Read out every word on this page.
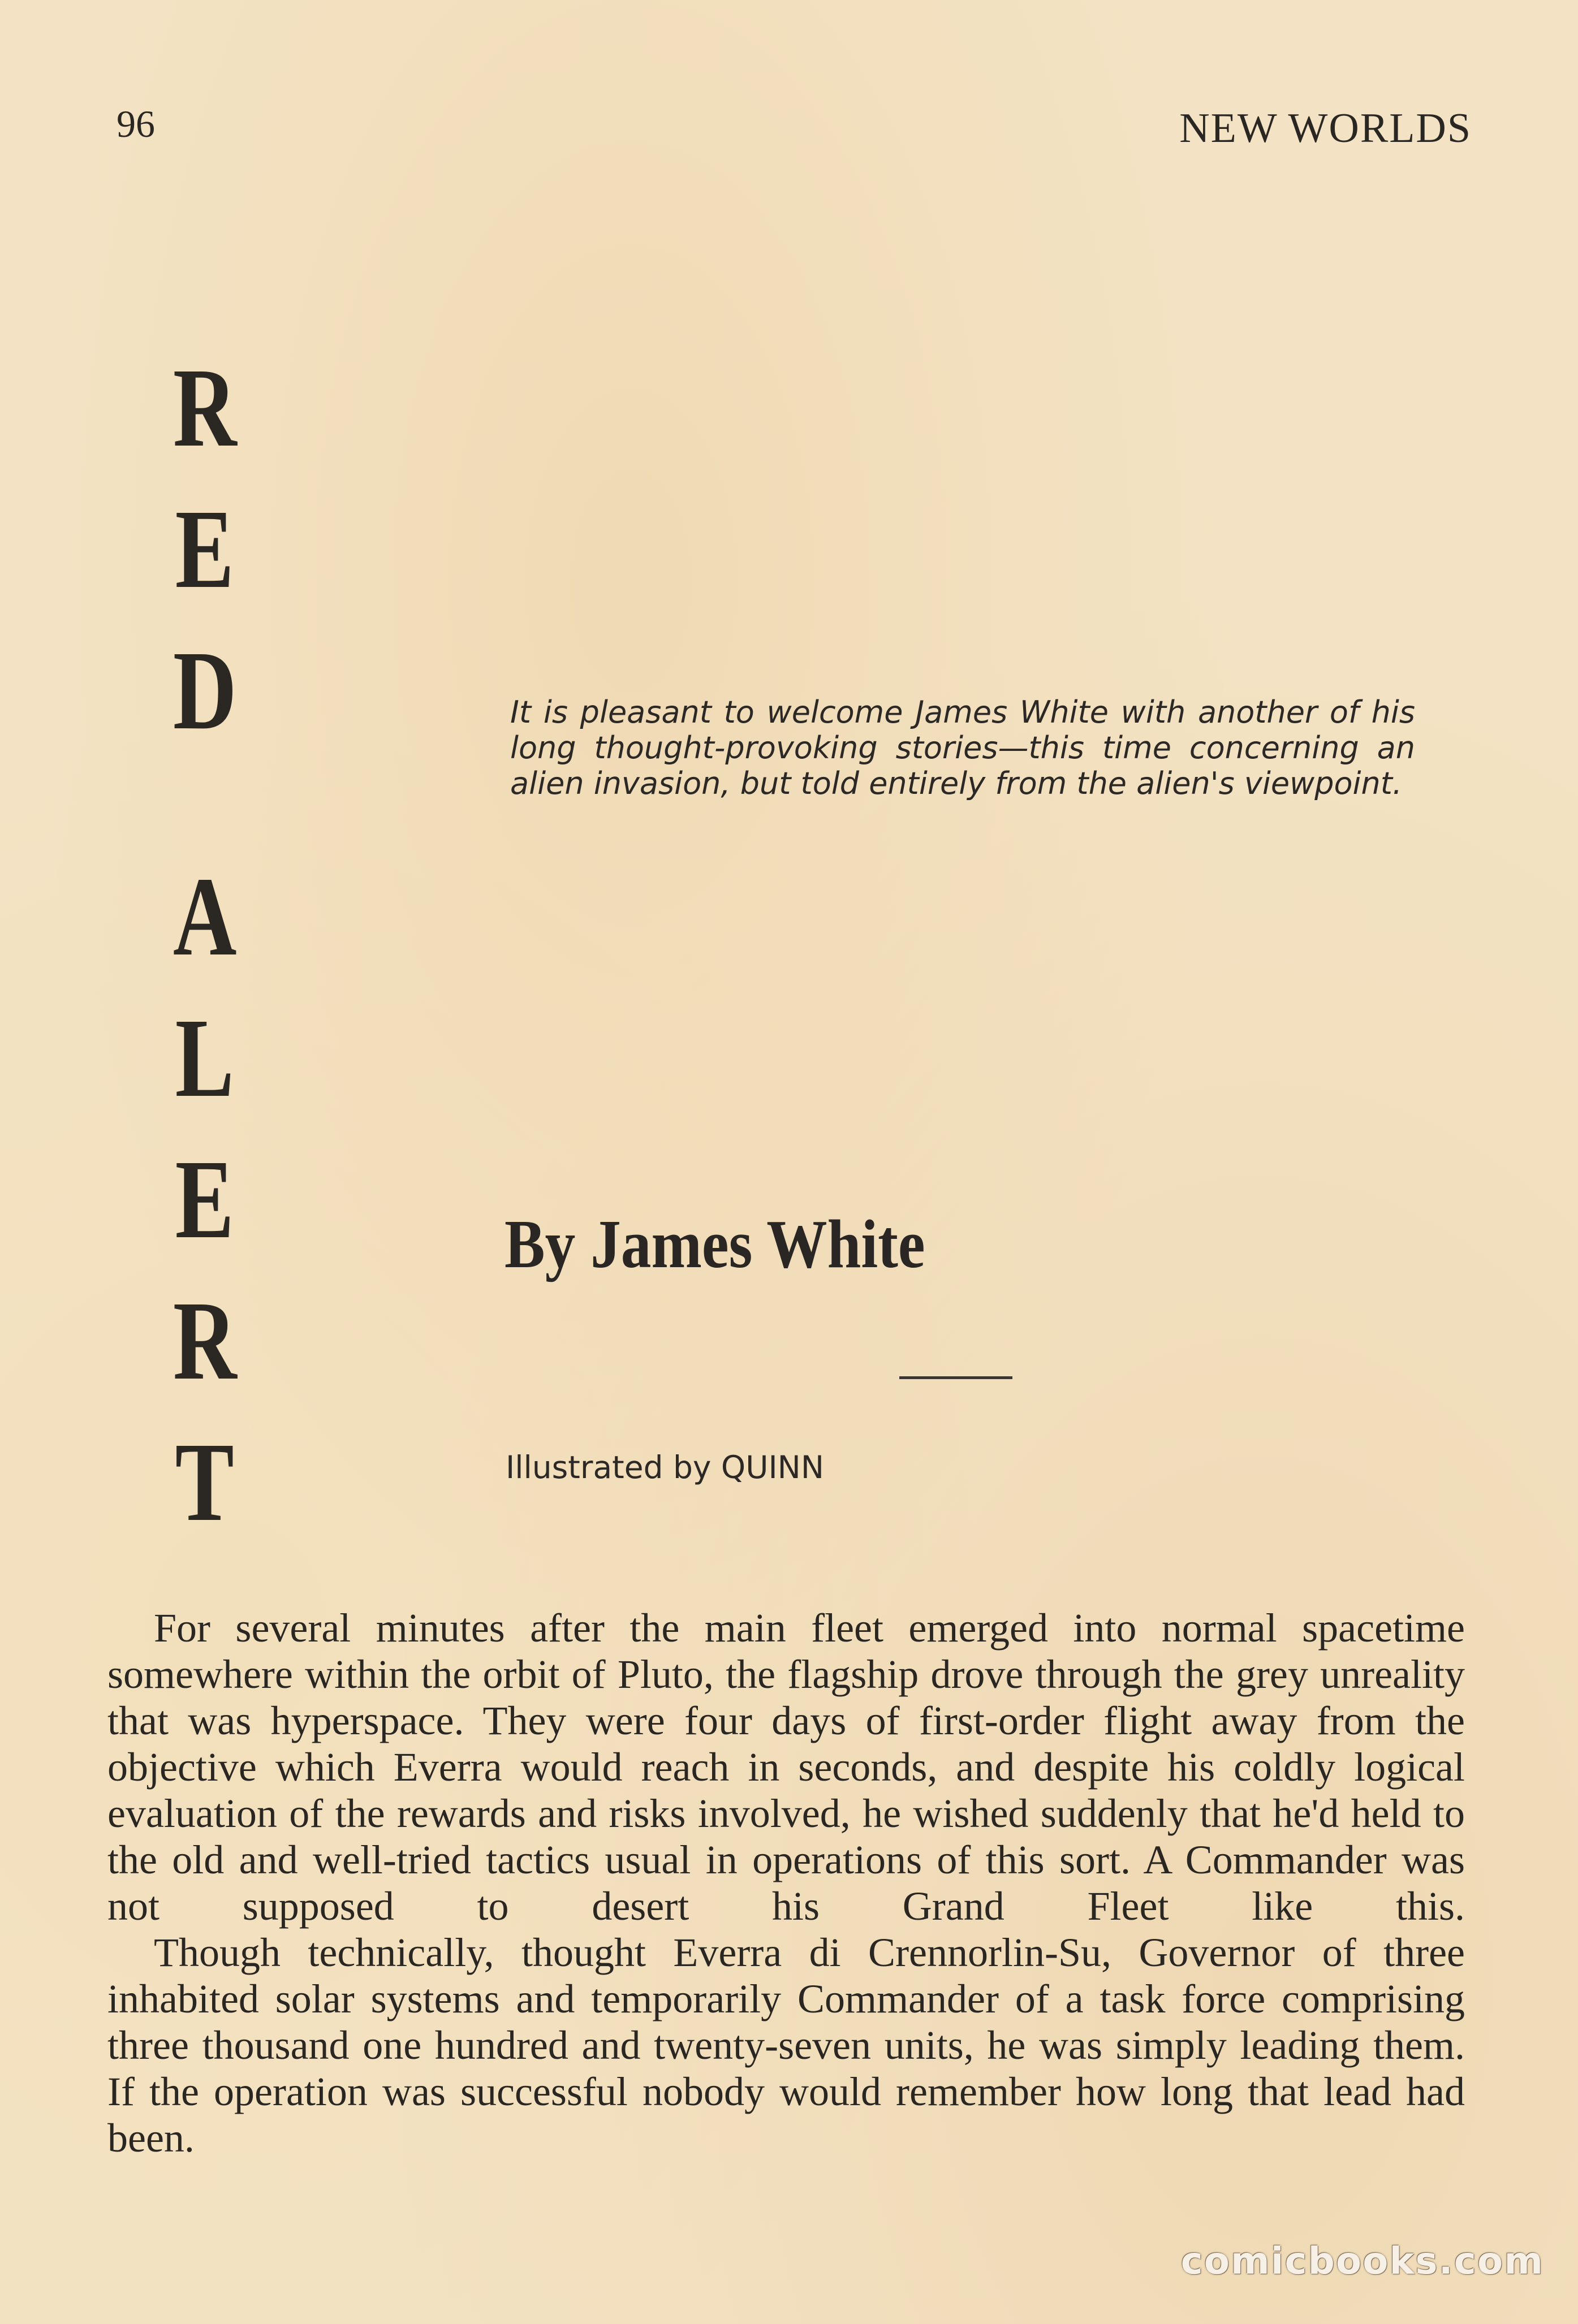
96	NEW WORLDS
R
E
D
A
L
E
R
T
It is pleasant to welcome James White with another of his long thought-provoking stories—this time concerning an alien invasion, but told entirely from the alien's viewpoint.
By James White
Illustrated by QUINN

For several minutes after the main fleet emerged into normal spacetime somewhere within the orbit of Pluto, the flagship drove through the grey unreality that was hyperspace. They were four days of first-order flight away from the objective which Everra would reach in seconds, and despite his coldly logical evaluation of the rewards and risks involved, he wished suddenly that he'd held to the old and well-tried tactics usual in operations of this sort. A Commander was not supposed to desert his Grand Fleet like this.

Though technically, thought Everra di Crennorlin-Su, Governor of three inhabited solar systems and temporarily Commander of a task force comprising three thousand one hundred and twenty-seven units, he was simply leading them. If the operation was successful nobody would remember how long that lead had been.

comicbooks.com
